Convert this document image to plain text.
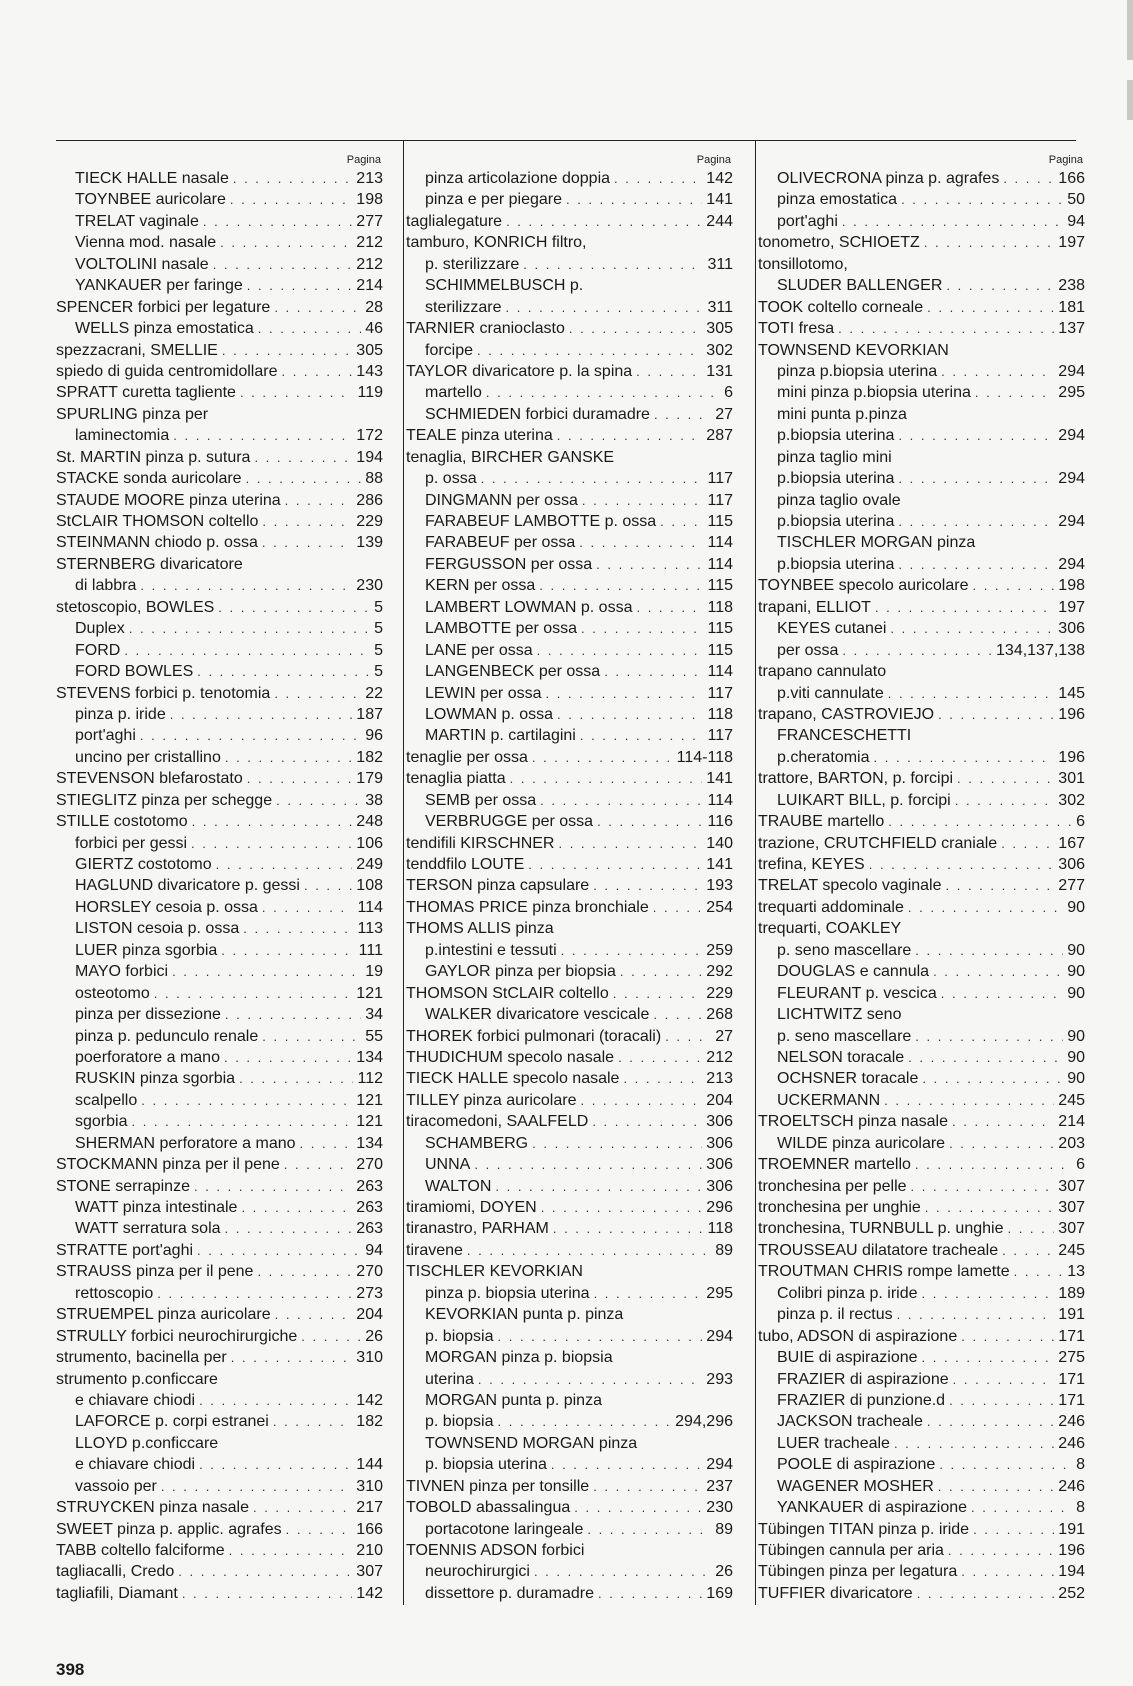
Pagina
TIECK HALLE nasale . . .	213
TOYNBEE auricolare . . .	198
TRELAT vaginale . . .	277
Vienna mod. nasale . . .	212
VOLTOLINI nasale . . .	212
YANKAUER per faringe . . .	214
SPENCER forbici per legature . . .	28
WELLS pinza emostatica . . .	46
spezzacrani, SMELLIE . . .	305
spiedo di guida centromidollare . . .	143
SPRATT curetta tagliente . . .	119
SPURLING pinza per
laminectomia . . .	172
St. MARTIN pinza p. sutura . . .	194
STACKE sonda auricolare . . .	88
STAUDE MOORE pinza uterina . . .	286
StCLAIR THOMSON coltello . . .	229
STEINMANN chiodo p. ossa . . .	139
STERNBERG divaricatore
di labbra . . .	230
stetoscopio, BOWLES . . .	5
Duplex . . .	5
FORD . . .	5
FORD BOWLES . . .	5
STEVENS forbici p. tenotomia . . .	22
pinza p. iride . . .	187
port'aghi . . .	96
uncino per cristallino . . .	182
STEVENSON blefarostato . . .	179
STIEGLITZ pinza per schegge . . .	38
STILLE costotomo . . .	248
forbici per gessi . . .	106
GIERTZ costotomo . . .	249
HAGLUND divaricatore p. gessi . . .	108
HORSLEY cesoia p. ossa . . .	114
LISTON cesoia p. ossa . . .	113
LUER pinza sgorbia . . .	111
MAYO forbici . . .	19
osteotomo . . .	121
pinza per dissezione . . .	34
pinza p. pedunculo renale . . .	55
poerforatore a mano . . .	134
RUSKIN pinza sgorbia . . .	112
scalpello . . .	121
sgorbia . . .	121
SHERMAN perforatore a mano . . .	134
STOCKMANN pinza per il pene . . .	270
STONE serrapinze . . .	263
WATT pinza intestinale . . .	263
WATT serratura sola . . .	263
STRATTE port'aghi . . .	94
STRAUSS pinza per il pene . . .	270
rettoscopio . . .	273
STRUEMPEL pinza auricolare . . .	204
STRULLY forbici neurochirurgiche . . .	26
strumento, bacinella per . . .	310
strumento p.conficcare
e chiavare chiodi . . .	142
LAFORCE p. corpi estranei . . .	182
LLOYD p.conficcare
e chiavare chiodi . . .	144
vassoio per . . .	310
STRUYCKEN pinza nasale . . .	217
SWEET pinza p. applic. agrafes . . .	166
TABB coltello falciforme . . .	210
tagliacalli, Credo . . .	307
tagliafili, Diamant . . .	142
Pagina
pinza articolazione doppia . . .	142
pinza e per piegare . . .	141
taglialegature . . .	244
tamburo, KONRICH filtro,
p. sterilizzare . . .	311
SCHIMMELBUSCH p.
sterilizzare . . .	311
TARNIER cranioclasto . . .	305
forcipe . . .	302
TAYLOR divaricatore p. la spina . . .	131
martello . . .	6
SCHMIEDEN forbici duramadre . . .	27
TEALE pinza uterina . . .	287
tenaglia, BIRCHER GANSKE
p. ossa . . .	117
DINGMANN per ossa . . .	117
FARABEUF LAMBOTTE p. ossa . . .	115
FARABEUF per ossa . . .	114
FERGUSSON per ossa . . .	114
KERN per ossa . . .	115
LAMBERT LOWMAN p. ossa . . .	118
LAMBOTTE per ossa . . .	115
LANE per ossa . . .	115
LANGENBECK per ossa . . .	114
LEWIN per ossa . . .	117
LOWMAN p. ossa . . .	118
MARTIN p. cartilagini . . .	117
tenaglie per ossa . . .	114-118
tenaglia piatta . . .	141
SEMB per ossa . . .	114
VERBRUGGE per ossa . . .	116
tendifili KIRSCHNER . . .	140
tenddfilo LOUTE . . .	141
TERSON pinza capsulare . . .	193
THOMAS PRICE pinza bronchiale . . .	254
THOMS ALLIS pinza
p.intestini e tessuti . . .	259
GAYLOR pinza per biopsia . . .	292
THOMSON StCLAIR coltello . . .	229
WALKER divaricatore vescicale . . .	268
THOREK forbici pulmonari (toracali) . . .	27
THUDICHUM specolo nasale . . .	212
TIECK HALLE specolo nasale . . .	213
TILLEY pinza auricolare . . .	204
tiracomedoni, SAALFELD . . .	306
SCHAMBERG . . .	306
UNNA . . .	306
WALTON . . .	306
tiramiomi, DOYEN . . .	296
tiranastro, PARHAM . . .	118
tiravene . . .	89
TISCHLER KEVORKIAN
pinza p. biopsia uterina . . .	295
KEVORKIAN punta p. pinza
p. biopsia . . .	294
MORGAN pinza p. biopsia
uterina . . .	293
MORGAN punta p. pinza
p. biopsia . . .	294,296
TOWNSEND MORGAN pinza
p. biopsia uterina . . .	294
TIVNEN pinza per tonsille . . .	237
TOBOLD abassalingua . . .	230
portacotone laringeale . . .	89
TOENNIS ADSON forbici
neurochirurgici . . .	26
dissettore p. duramadre . . .	169
Pagina
OLIVECRONA pinza p. agrafes . . .	166
pinza emostatica . . .	50
port'aghi . . .	94
tonometro, SCHIOETZ . . .	197
tonsillotomo,
SLUDER BALLENGER . . .	238
TOOK coltello corneale . . .	181
TOTI fresa . . .	137
TOWNSEND KEVORKIAN
pinza p.biopsia uterina . . .	294
mini pinza p.biopsia uterina . . .	295
mini punta p.pinza
p.biopsia uterina . . .	294
pinza taglio mini
p.biopsia uterina . . .	294
pinza taglio ovale
p.biopsia uterina . . .	294
TISCHLER MORGAN pinza
p.biopsia uterina . . .	294
TOYNBEE specolo auricolare . . .	198
trapani, ELLIOT . . .	197
KEYES cutanei . . .	306
per ossa . . .	134,137,138
trapano cannulato
p.viti cannulate . . .	145
trapano, CASTROVIEJO . . .	196
FRANCESCHETTI
p.cheratomia . . .	196
trattore, BARTON, p. forcipi . . .	301
LUIKART BILL, p. forcipi . . .	302
TRAUBE martello . . .	6
trazione, CRUTCHFIELD craniale . . .	167
trefina, KEYES . . .	306
TRELAT specolo vaginale . . .	277
trequarti addominale . . .	90
trequarti, COAKLEY
p. seno mascellare . . .	90
DOUGLAS e cannula . . .	90
FLEURANT p. vescica . . .	90
LICHTWITZ seno
p. seno mascellare . . .	90
NELSON toracale . . .	90
OCHSNER toracale . . .	90
UCKERMANN . . .	245
TROELTSCH pinza nasale . . .	214
WILDE pinza auricolare . . .	203
TROEMNER martello . . .	6
tronchesina per pelle . . .	307
tronchesina per unghie . . .	307
tronchesina, TURNBULL p. unghie . . .	307
TROUSSEAU dilatatore tracheale . . .	245
TROUTMAN CHRIS rompe lamette . . .	13
Colibri pinza p. iride . . .	189
pinza p. il rectus . . .	191
tubo, ADSON di aspirazione . . .	171
BUIE di aspirazione . . .	275
FRAZIER di aspirazione . . .	171
FRAZIER di punzione.d . . .	171
JACKSON tracheale . . .	246
LUER tracheale . . .	246
POOLE di aspirazione . . .	8
WAGENER MOSHER . . .	246
YANKAUER di aspirazione . . .	8
Tübingen TITAN pinza p. iride . . .	191
Tübingen cannula per aria . . .	196
Tübingen pinza per legatura . . .	194
TUFFIER divaricatore . . .	252
398
